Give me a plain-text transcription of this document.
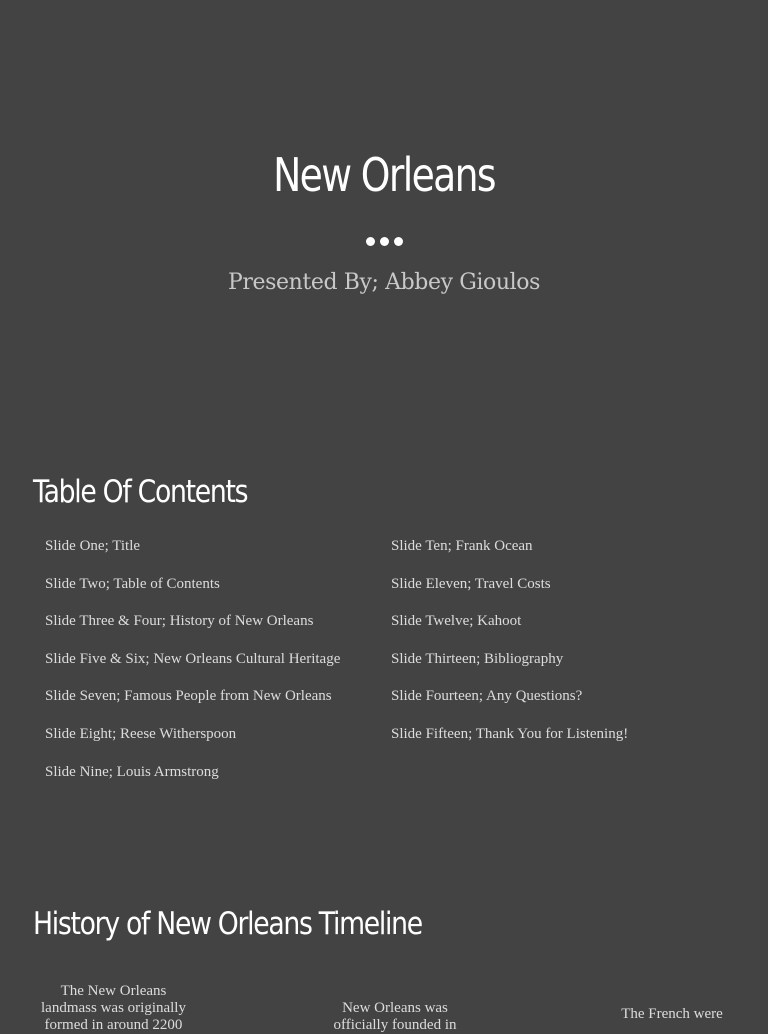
New Orleans
Presented By; Abbey Gioulos
Table Of Contents
Slide One; Title
Slide Two; Table of Contents
Slide Three & Four; History of New Orleans
Slide Five & Six; New Orleans Cultural Heritage
Slide Seven; Famous People from New Orleans
Slide Eight; Reese Witherspoon
Slide Nine; Louis Armstrong
Slide Ten; Frank Ocean
Slide Eleven; Travel Costs
Slide Twelve; Kahoot
Slide Thirteen; Bibliography
Slide Fourteen; Any Questions?
Slide Fifteen; Thank You for Listening!
History of New Orleans Timeline
The New Orleans landmass was originally formed in around 2200
New Orleans was officially founded in
The French were
